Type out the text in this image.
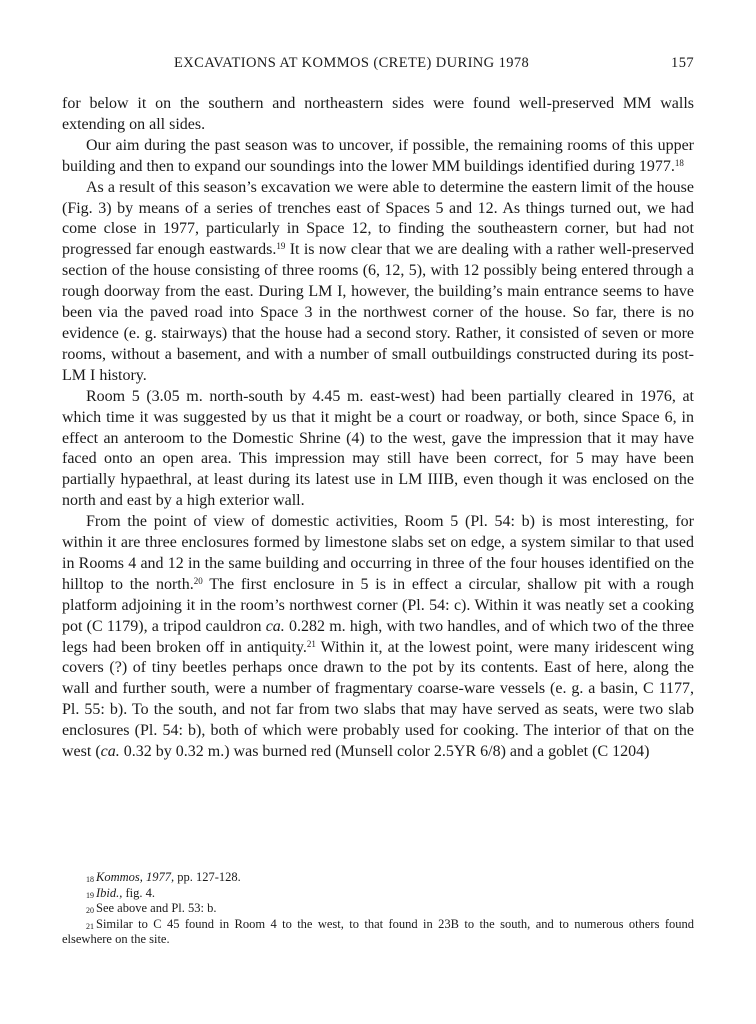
EXCAVATIONS AT KOMMOS (CRETE) DURING 1978	157

for below it on the southern and northeastern sides were found well-preserved MM walls extending on all sides.

Our aim during the past season was to uncover, if possible, the remaining rooms of this upper building and then to expand our soundings into the lower MM buildings identified during 1977.18

As a result of this season’s excavation we were able to determine the eastern limit of the house (Fig. 3) by means of a series of trenches east of Spaces 5 and 12. As things turned out, we had come close in 1977, particularly in Space 12, to finding the southeastern corner, but had not progressed far enough eastwards.$^{19}$ It is now clear that we are dealing with a rather well-preserved section of the house consisting of three rooms (6, 12, 5), with 12 possibly being entered through a rough doorway from the east. During LM I, however, the building’s main entrance seems to have been via the paved road into Space 3 in the northwest corner of the house. So far, there is no evidence (e. g. stairways) that the house had a second story. Rather, it consisted of seven or more rooms, without a basement, and with a number of small outbuildings constructed during its post-LM I history.

Room 5 (3.05 m. north-south by 4.45 m. east-west) had been partially cleared in 1976, at which time it was suggested by us that it might be a court or roadway, or both, since Space 6, in effect an anteroom to the Domestic Shrine (4) to the west, gave the impression that it may have faced onto an open area. This impression may still have been correct, for 5 may have been partially hypaethral, at least during its latest use in LM IIIB, even though it was enclosed on the north and east by a high exterior wall.

From the point of view of domestic activities, Room 5 (Pl. 54: b) is most interesting, for within it are three enclosures formed by limestone slabs set on edge, a system similar to that used in Rooms 4 and 12 in the same building and occurring in three of the four houses identified on the hilltop to the north.$^{20}$ The first enclosure in 5 is in effect a circular, shallow pit with a rough platform adjoining it in the room’s northwest corner (Pl. 54: c). Within it was neatly set a cooking pot (C 1179), a tripod cauldron ca. 0.282 m. high, with two handles, and of which two of the three legs had been broken off in antiquity.$^{21}$ Within it, at the lowest point, were many iridescent wing covers (?) of tiny beetles perhaps once drawn to the pot by its contents. East of here, along the wall and further south, were a number of fragmentary coarse-ware vessels (e. g. a basin, C 1177, Pl. 55: b). To the south, and not far from two slabs that may have served as seats, were two slab enclosures (Pl. 54: b), both of which were probably used for cooking. The interior of that on the west (ca. 0.32 by 0.32 m.) was burned red (Munsell color 2.5YR 6/8) and a goblet (C 1204)

$^{18}$ Kommos, 1977, pp. 127-128.

$^{19}$ Ibid., fig. 4.

$^{20}$ See above and Pl. 53: b.

$^{21}$ Similar to C 45 found in Room 4 to the west, to that found in 23B to the south, and to numerous others found elsewhere on the site.
